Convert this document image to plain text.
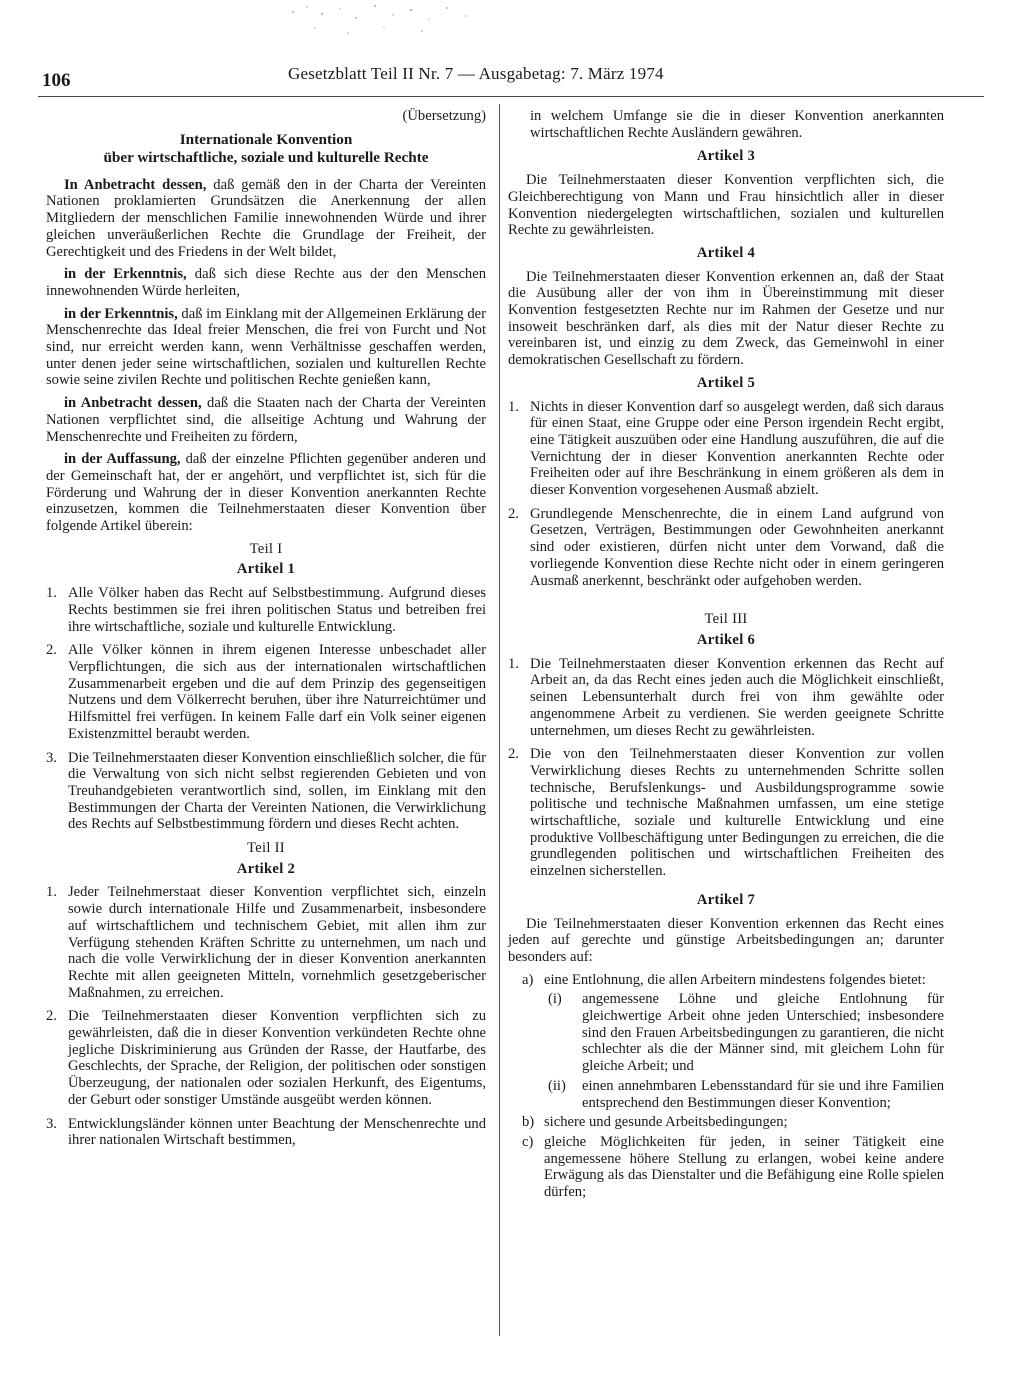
106	Gesetzblatt Teil II Nr. 7 — Ausgabetag: 7. März 1974

(Übersetzung)

Internationale Konvention
über wirtschaftliche, soziale und kulturelle Rechte

In Anbetracht dessen, daß gemäß den in der Charta der Vereinten Nationen proklamierten Grundsätzen die Anerkennung der allen Mitgliedern der menschlichen Familie innewohnenden Würde und ihrer gleichen unveräußerlichen Rechte die Grundlage der Freiheit, der Gerechtigkeit und des Friedens in der Welt bildet,

in der Erkenntnis, daß sich diese Rechte aus der den Menschen innewohnenden Würde herleiten,

in der Erkenntnis, daß im Einklang mit der Allgemeinen Erklärung der Menschenrechte das Ideal freier Menschen, die frei von Furcht und Not sind, nur erreicht werden kann, wenn Verhältnisse geschaffen werden, unter denen jeder seine wirtschaftlichen, sozialen und kulturellen Rechte sowie seine zivilen Rechte und politischen Rechte genießen kann,

in Anbetracht dessen, daß die Staaten nach der Charta der Vereinten Nationen verpflichtet sind, die allseitige Achtung und Wahrung der Menschenrechte und Freiheiten zu fördern,

in der Auffassung, daß der einzelne Pflichten gegenüber anderen und der Gemeinschaft hat, der er angehört, und verpflichtet ist, sich für die Förderung und Wahrung der in dieser Konvention anerkannten Rechte einzusetzen, kommen die Teilnehmerstaaten dieser Konvention über folgende Artikel überein:

Teil I
Artikel 1
1. Alle Völker haben das Recht auf Selbstbestimmung. Aufgrund dieses Rechts bestimmen sie frei ihren politischen Status und betreiben frei ihre wirtschaftliche, soziale und kulturelle Entwicklung.
2. Alle Völker können in ihrem eigenen Interesse unbeschadet aller Verpflichtungen, die sich aus der internationalen wirtschaftlichen Zusammenarbeit ergeben und die auf dem Prinzip des gegenseitigen Nutzens und dem Völkerrecht beruhen, über ihre Naturreichtümer und Hilfsmittel frei verfügen. In keinem Falle darf ein Volk seiner eigenen Existenzmittel beraubt werden.
3. Die Teilnehmerstaaten dieser Konvention einschließlich solcher, die für die Verwaltung von sich nicht selbst regierenden Gebieten und von Treuhandgebieten verantwortlich sind, sollen, im Einklang mit den Bestimmungen der Charta der Vereinten Nationen, die Verwirklichung des Rechts auf Selbstbestimmung fördern und dieses Recht achten.
Teil II
Artikel 2
1. Jeder Teilnehmerstaat dieser Konvention verpflichtet sich, einzeln sowie durch internationale Hilfe und Zusammenarbeit, insbesondere auf wirtschaftlichem und technischem Gebiet, mit allen ihm zur Verfügung stehenden Kräften Schritte zu unternehmen, um nach und nach die volle Verwirklichung der in dieser Konvention anerkannten Rechte mit allen geeigneten Mitteln, vornehmlich gesetzgeberischer Maßnahmen, zu erreichen.
2. Die Teilnehmerstaaten dieser Konvention verpflichten sich zu gewährleisten, daß die in dieser Konvention verkündeten Rechte ohne jegliche Diskriminierung aus Gründen der Rasse, der Hautfarbe, des Geschlechts, der Sprache, der Religion, der politischen oder sonstigen Überzeugung, der nationalen oder sozialen Herkunft, des Eigentums, der Geburt oder sonstiger Umstände ausgeübt werden können.
3. Entwicklungsländer können unter Beachtung der Menschenrechte und ihrer nationalen Wirtschaft bestimmen,
in welchem Umfange sie die in dieser Konvention anerkannten wirtschaftlichen Rechte Ausländern gewähren.
Artikel 3

Die Teilnehmerstaaten dieser Konvention verpflichten sich, die Gleichberechtigung von Mann und Frau hinsichtlich aller in dieser Konvention niedergelegten wirtschaftlichen, sozialen und kulturellen Rechte zu gewährleisten.

Artikel 4

Die Teilnehmerstaaten dieser Konvention erkennen an, daß der Staat die Ausübung aller der von ihm in Übereinstimmung mit dieser Konvention festgesetzten Rechte nur im Rahmen der Gesetze und nur insoweit beschränken darf, als dies mit der Natur dieser Rechte zu vereinbaren ist, und einzig zu dem Zweck, das Gemeinwohl in einer demokratischen Gesellschaft zu fördern.

Artikel 5
1. Nichts in dieser Konvention darf so ausgelegt werden, daß sich daraus für einen Staat, eine Gruppe oder eine Person irgendein Recht ergibt, eine Tätigkeit auszuüben oder eine Handlung auszuführen, die auf die Vernichtung der in dieser Konvention anerkannten Rechte oder Freiheiten oder auf ihre Beschränkung in einem größeren als dem in dieser Konvention vorgesehenen Ausmaß abzielt.
2. Grundlegende Menschenrechte, die in einem Land aufgrund von Gesetzen, Verträgen, Bestimmungen oder Gewohnheiten anerkannt sind oder existieren, dürfen nicht unter dem Vorwand, daß die vorliegende Konvention diese Rechte nicht oder in einem geringeren Ausmaß anerkennt, beschränkt oder aufgehoben werden.
Teil III
Artikel 6
1. Die Teilnehmerstaaten dieser Konvention erkennen das Recht auf Arbeit an, da das Recht eines jeden auch die Möglichkeit einschließt, seinen Lebensunterhalt durch frei von ihm gewählte oder angenommene Arbeit zu verdienen. Sie werden geeignete Schritte unternehmen, um dieses Recht zu gewährleisten.
2. Die von den Teilnehmerstaaten dieser Konvention zur vollen Verwirklichung dieses Rechts zu unternehmenden Schritte sollen technische, Berufslenkungs- und Ausbildungsprogramme sowie politische und technische Maßnahmen umfassen, um eine stetige wirtschaftliche, soziale und kulturelle Entwicklung und eine produktive Vollbeschäftigung unter Bedingungen zu erreichen, die die grundlegenden politischen und wirtschaftlichen Freiheiten des einzelnen sicherstellen.
Artikel 7

Die Teilnehmerstaaten dieser Konvention erkennen das Recht eines jeden auf gerechte und günstige Arbeitsbedingungen an; darunter besonders auf:

a) eine Entlohnung, die allen Arbeitern mindestens folgendes bietet:
(i)	angemessene Löhne und gleiche Entlohnung für gleichwertige Arbeit ohne jeden Unterschied; insbesondere sind den Frauen Arbeitsbedingungen zu garantieren, die nicht schlechter als die der Männer sind, mit gleichem Lohn für gleiche Arbeit; und
(ii)	einen annehmbaren Lebensstandard für sie und ihre Familien entsprechend den Bestimmungen dieser Konvention;
b) sichere und gesunde Arbeitsbedingungen;
c) gleiche Möglichkeiten für jeden, in seiner Tätigkeit eine angemessene höhere Stellung zu erlangen, wobei keine andere Erwägung als das Dienstalter und die Befähigung eine Rolle spielen dürfen;
